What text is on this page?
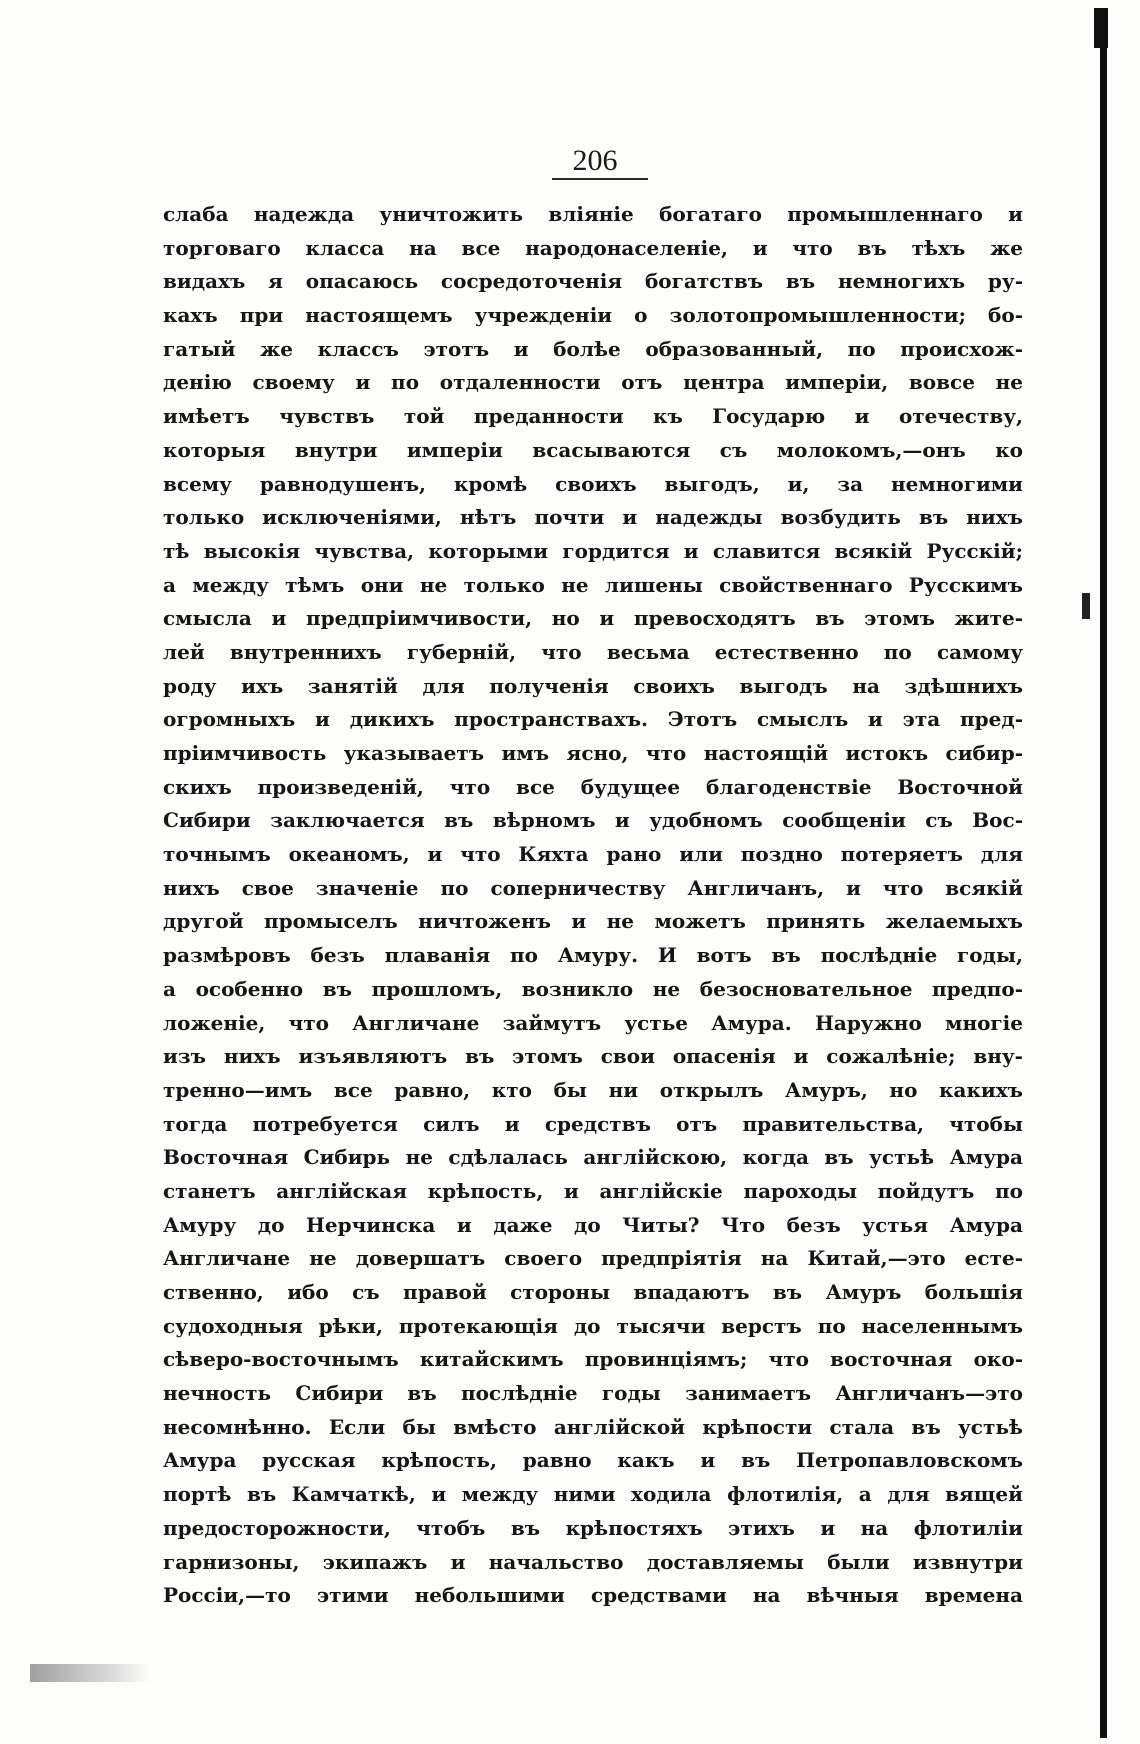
206
слаба надежда уничтожить вліяніе богатаго промышленнаго и
торговаго класса на все народонаселеніе, и что въ тѣхъ же
видахъ я опасаюсь сосредоточенія богатствъ въ немногихъ ру-
кахъ при настоящемъ учрежденіи о золотопромышленности; бо-
гатый же классъ этотъ и болѣе образованный, по происхож-
денію своему и по отдаленности отъ центра имперіи, вовсе не
имѣетъ чувствъ той преданности къ Государю и отечеству,
которыя внутри имперіи всасываются съ молокомъ,—онъ ко
всему равнодушенъ, кромѣ своихъ выгодъ, и, за немногими
только исключеніями, нѣтъ почти и надежды возбудить въ нихъ
тѣ высокія чувства, которыми гордится и славится всякій Русскій;
а между тѣмъ они не только не лишены свойственнаго Русскимъ
смысла и предпріимчивости, но и превосходятъ въ этомъ жите-
лей внутреннихъ губерній, что весьма естественно по самому
роду ихъ занятій для полученія своихъ выгодъ на здѣшнихъ
огромныхъ и дикихъ пространствахъ. Этотъ смыслъ и эта пред-
пріимчивость указываетъ имъ ясно, что настоящій истокъ сибир-
скихъ произведеній, что все будущее благоденствіе Восточной
Сибири заключается въ вѣрномъ и удобномъ сообщеніи съ Вос-
точнымъ океаномъ, и что Кяхта рано или поздно потеряетъ для
нихъ свое значеніе по соперничеству Англичанъ, и что всякій
другой промыселъ ничтоженъ и не можетъ принять желаемыхъ
размѣровъ безъ плаванія по Амуру. И вотъ въ послѣдніе годы,
а особенно въ прошломъ, возникло не безосновательное предпо-
ложеніе, что Англичане займутъ устье Амура. Наружно многіе
изъ нихъ изъявляютъ въ этомъ свои опасенія и сожалѣніе; вну-
тренно—имъ все равно, кто бы ни открылъ Амуръ, но какихъ
тогда потребуется силъ и средствъ отъ правительства, чтобы
Восточная Сибирь не сдѣлалась англійскою, когда въ устьѣ Амура
станетъ англійская крѣпость, и англійскіе пароходы пойдутъ по
Амуру до Нерчинска и даже до Читы? Что безъ устья Амура
Англичане не довершатъ своего предпріятія на Китай,—это есте-
ственно, ибо съ правой стороны впадаютъ въ Амуръ большія
судоходныя рѣки, протекающія до тысячи верстъ по населеннымъ
сѣверо-восточнымъ китайскимъ провинціямъ; что восточная око-
нечность Сибири въ послѣдніе годы занимаетъ Англичанъ—это
несомнѣнно. Если бы вмѣсто англійской крѣпости стала въ устьѣ
Амура русская крѣпость, равно какъ и въ Петропавловскомъ
портѣ въ Камчаткѣ, и между ними ходила флотилія, а для вящей
предосторожности, чтобъ въ крѣпостяхъ этихъ и на флотиліи
гарнизоны, экипажъ и начальство доставляемы были извнутри
Россіи,—то этими небольшими средствами на вѣчныя времена
